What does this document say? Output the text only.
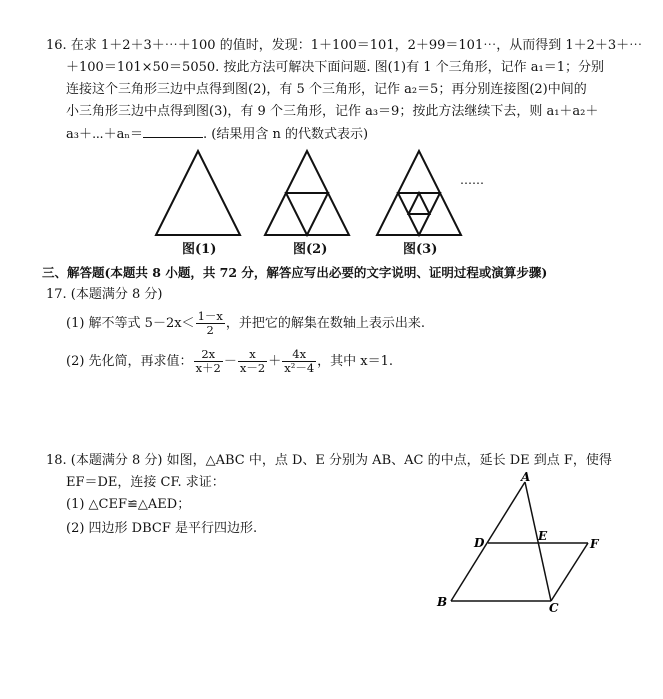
16. 在求 1＋2＋3＋⋯＋100 的值时，发现：1＋100＝101，2＋99＝101⋯，从而得到 1＋2＋3＋⋯
＋100＝101×50＝5050. 按此方法可解决下面问题. 图(1)有 1 个三角形，记作 a₁＝1；分别
连接这个三角形三边中点得到图(2)，有 5 个三角形，记作 a₂＝5；再分别连接图(2)中间的
小三角形三边中点得到图(3)，有 9 个三角形，记作 a₃＝9；按此方法继续下去，则 a₁＋a₂＋
a₃＋⋯＋aₙ＝	. (结果用含 n 的代数式表示)
⋯⋯
图(1)	图(2)	图(3)
三、解答题(本题共 8 小题，共 72 分，解答应写出必要的文字说明、证明过程或演算步骤)
17. (本题满分 8 分)
(1) 解不等式 $5-2x< \frac{1-x}{2}$ ，并把它的解集在数轴上表示出来.
(2) 先化简，再求值： $\frac{2x}{x+2} - \frac{x}{x-2} + \frac{4x}{\text{x²－4}}$ ，其中 x＝1.
18. (本题满分 8 分) 如图，△ABC 中，点 D、E 分别为 AB、AC 的中点，延长 DE 到点 F，使得
EF＝DE，连接 CF. 求证：
(1) △CEF≌△AED；
(2) 四边形 DBCF 是平行四边形.
A
D	E
F
B	C
